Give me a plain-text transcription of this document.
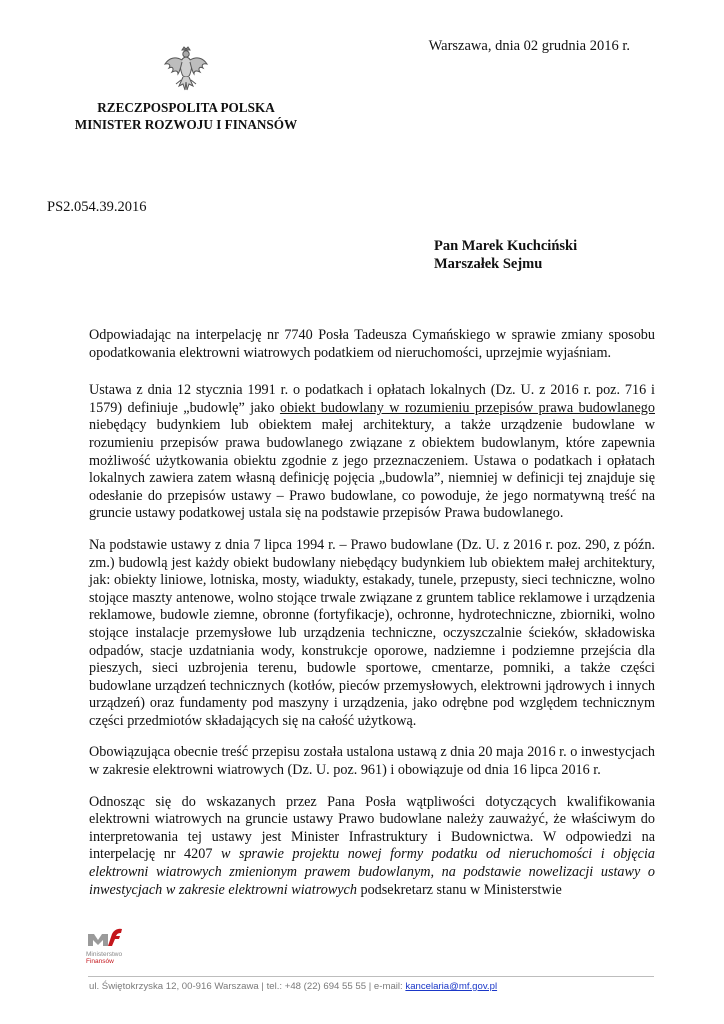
Warszawa, dnia 02 grudnia 2016 r.
RZECZPOSPOLITA POLSKA
MINISTER ROZWOJU I FINANSÓW
PS2.054.39.2016
Pan Marek Kuchciński
Marszałek Sejmu

Odpowiadając na interpelację nr 7740 Posła Tadeusza Cymańskiego w sprawie zmiany sposobu opodatkowania elektrowni wiatrowych podatkiem od nieruchomości, uprzejmie wyjaśniam.

Ustawa z dnia 12 stycznia 1991 r. o podatkach i opłatach lokalnych (Dz. U. z 2016 r. poz. 716 i 1579) definiuje „budowlę” jako obiekt budowlany w rozumieniu przepisów prawa budowlanego niebędący budynkiem lub obiektem małej architektury, a także urządzenie budowlane w rozumieniu przepisów prawa budowlanego związane z obiektem budowlanym, które zapewnia możliwość użytkowania obiektu zgodnie z jego przeznaczeniem. Ustawa o podatkach i opłatach lokalnych zawiera zatem własną definicję pojęcia „budowla”, niemniej w definicji tej znajduje się odesłanie do przepisów ustawy – Prawo budowlane, co powoduje, że jego normatywną treść na gruncie ustawy podatkowej ustala się na podstawie przepisów Prawa budowlanego.

Na podstawie ustawy z dnia 7 lipca 1994 r. – Prawo budowlane (Dz. U. z 2016 r. poz. 290, z późn. zm.) budowlą jest każdy obiekt budowlany niebędący budynkiem lub obiektem małej architektury, jak: obiekty liniowe, lotniska, mosty, wiadukty, estakady, tunele, przepusty, sieci techniczne, wolno stojące maszty antenowe, wolno stojące trwale związane z gruntem tablice reklamowe i urządzenia reklamowe, budowle ziemne, obronne (fortyfikacje), ochronne, hydrotechniczne, zbiorniki, wolno stojące instalacje przemysłowe lub urządzenia techniczne, oczyszczalnie ścieków, składowiska odpadów, stacje uzdatniania wody, konstrukcje oporowe, nadziemne i podziemne przejścia dla pieszych, sieci uzbrojenia terenu, budowle sportowe, cmentarze, pomniki, a także części budowlane urządzeń technicznych (kotłów, pieców przemysłowych, elektrowni jądrowych i innych urządzeń) oraz fundamenty pod maszyny i urządzenia, jako odrębne pod względem technicznym części przedmiotów składających się na całość użytkową.

Obowiązująca obecnie treść przepisu została ustalona ustawą z dnia 20 maja 2016 r. o inwestycjach w zakresie elektrowni wiatrowych (Dz. U. poz. 961) i obowiązuje od dnia 16 lipca 2016 r.

Odnosząc się do wskazanych przez Pana Posła wątpliwości dotyczących kwalifikowania elektrowni wiatrowych na gruncie ustawy Prawo budowlane należy zauważyć, że właściwym do interpretowania tej ustawy jest Minister Infrastruktury i Budownictwa. W odpowiedzi na interpelację nr 4207 w sprawie projektu nowej formy podatku od nieruchomości i objęcia elektrowni wiatrowych zmienionym prawem budowlanym, na podstawie nowelizacji ustawy o inwestycjach w zakresie elektrowni wiatrowych podsekretarz stanu w Ministerstwie

Ministerstwo
Finansów
ul. Świętokrzyska 12, 00-916 Warszawa | tel.: +48 (22) 694 55 55 | e-mail: kancelaria@mf.gov.pl
